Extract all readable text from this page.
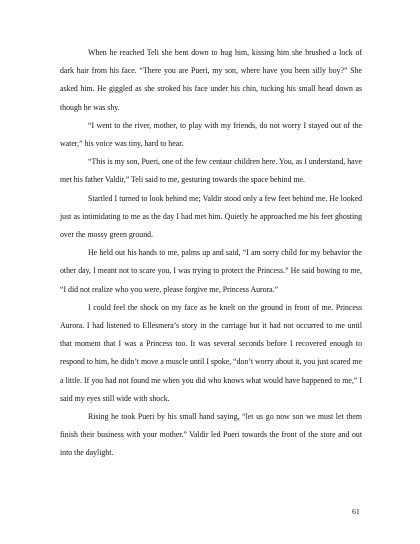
When he reached Teli she bent down to hug him, kissing him she brushed a lock of dark hair from his face. “There you are Pueri, my son, where have you been silly boy?” She asked him. He giggled as she stroked his face under his chin, tucking his small head down as though he was shy.

“I went to the river, mother, to play with my friends, do not worry I stayed out of the water,” his voice was tiny, hard to hear.

“This is my son, Pueri, one of the few centaur children here. You, as I understand, have met his father Valdir,” Teli said to me, gesturing towards the space behind me.

Startled I turned to look behind me; Valdir stood only a few feet behind me. He looked just as intimidating to me as the day I had met him. Quietly he approached me his feet ghosting over the mossy green ground.

He held out his hands to me, palms up and said, “I am sorry child for my behavior the other day, I meant not to scare you, I was trying to protect the Princess.” He said bowing to me, “I did not realize who you were, please forgive me, Princess Aurora.”

I could feel the shock on my face as he knelt on the ground in front of me. Princess Aurora. I had listened to Ellesmera’s story in the carriage but it had not occurred to me until that moment that I was a Princess too. It was several seconds before I recovered enough to respond to him, he didn’t move a muscle until I spoke, “don’t worry about it, you just scared me a little. If you had not found me when you did who knows what would have happened to me,” I said my eyes still wide with shock.

Rising he took Pueri by his small hand saying, “let us go now son we must let them finish their business with your mother.” Valdir led Pueri towards the front of the store and out into the daylight.

61
